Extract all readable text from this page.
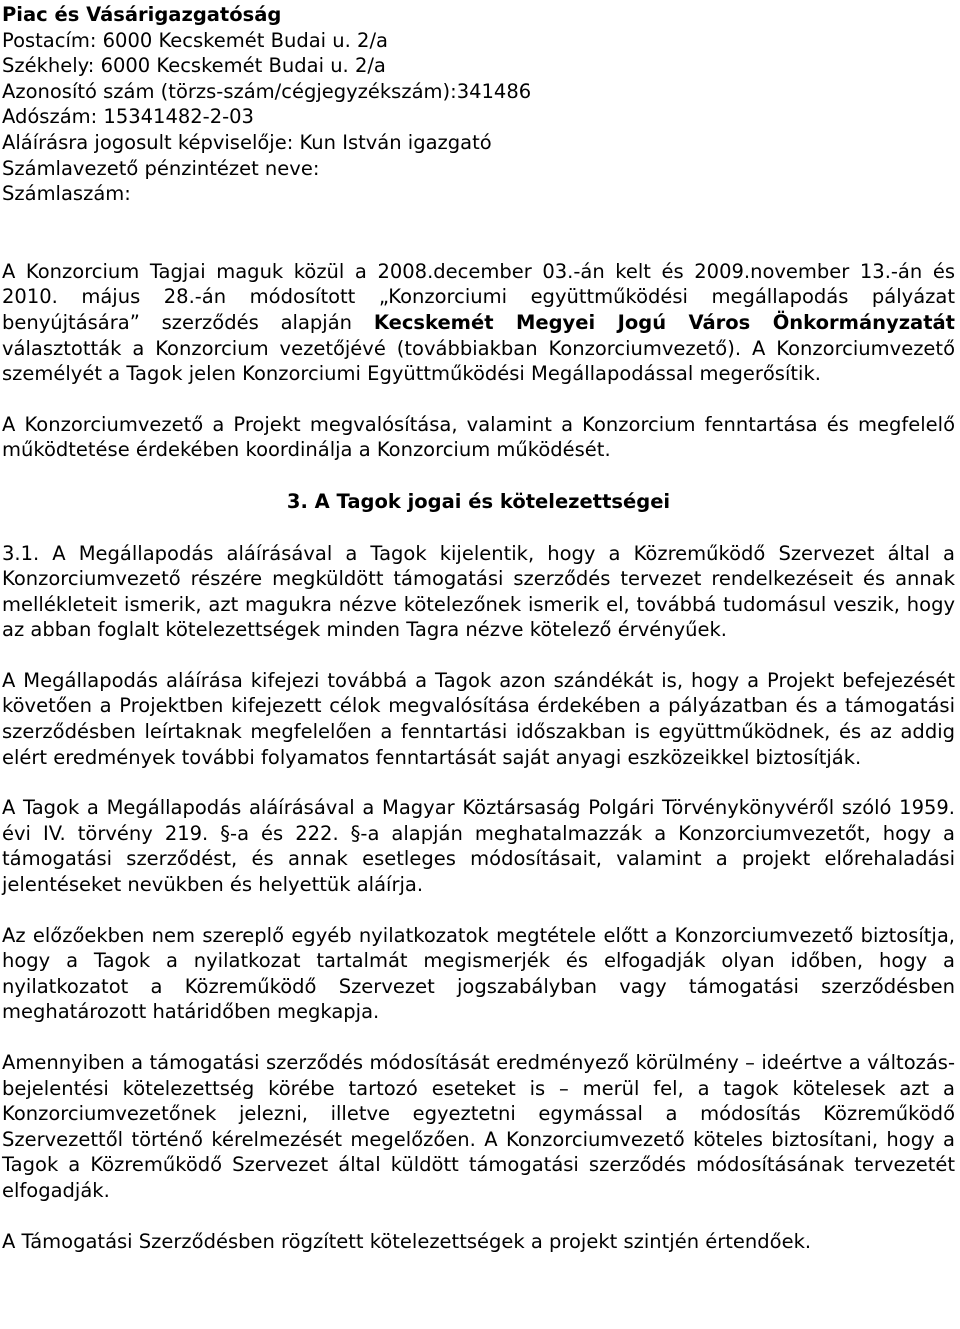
Piac és Vásárigazgatóság
Postacím: 6000 Kecskemét Budai u. 2/a
Székhely: 6000 Kecskemét Budai u. 2/a
Azonosító szám (törzs-szám/cégjegyzékszám):341486
Adószám: 15341482-2-03
Aláírásra jogosult képviselője: Kun István igazgató
Számlavezető pénzintézet neve:
Számlaszám:

A Konzorcium Tagjai maguk közül a 2008.december 03.-án kelt és 2009.november 13.-án és 2010. május 28.-án módosított „Konzorciumi együttműködési megállapodás pályázat benyújtására” szerződés alapján Kecskemét Megyei Jogú Város Önkormányzatát választották a Konzorcium vezetőjévé (továbbiakban Konzorciumvezető). A Konzorciumvezető személyét a Tagok jelen Konzorciumi Együttműködési Megállapodással megerősítik.

A Konzorciumvezető a Projekt megvalósítása, valamint a Konzorcium fenntartása és megfelelő működtetése érdekében koordinálja a Konzorcium működését.

3. A Tagok jogai és kötelezettségei

3.1. A Megállapodás aláírásával a Tagok kijelentik, hogy a Közreműködő Szervezet által a Konzorciumvezető részére megküldött támogatási szerződés tervezet rendelkezéseit és annak mellékleteit ismerik, azt magukra nézve kötelezőnek ismerik el, továbbá tudomásul veszik, hogy az abban foglalt kötelezettségek minden Tagra nézve kötelező érvényűek.

A Megállapodás aláírása kifejezi továbbá a Tagok azon szándékát is, hogy a Projekt befejezését követően a Projektben kifejezett célok megvalósítása érdekében a pályázatban és a támogatási szerződésben leírtaknak megfelelően a fenntartási időszakban is együttműködnek, és az addig elért eredmények további folyamatos fenntartását saját anyagi eszközeikkel biztosítják.

A Tagok a Megállapodás aláírásával a Magyar Köztársaság Polgári Törvénykönyvéről szóló 1959. évi IV. törvény 219. §-a és 222. §-a alapján meghatalmazzák a Konzorciumvezetőt, hogy a támogatási szerződést, és annak esetleges módosításait, valamint a projekt előrehaladási jelentéseket nevükben és helyettük aláírja.

Az előzőekben nem szereplő egyéb nyilatkozatok megtétele előtt a Konzorciumvezető biztosítja, hogy a Tagok a nyilatkozat tartalmát megismerjék és elfogadják olyan időben, hogy a nyilatkozatot a Közreműködő Szervezet jogszabályban vagy támogatási szerződésben meghatározott határidőben megkapja.

Amennyiben a támogatási szerződés módosítását eredményező körülmény – ideértve a változás-bejelentési kötelezettség körébe tartozó eseteket is – merül fel, a tagok kötelesek azt a Konzorciumvezetőnek jelezni, illetve egyeztetni egymással a módosítás Közreműködő Szervezettől történő kérelmezését megelőzően. A Konzorciumvezető köteles biztosítani, hogy a Tagok a Közreműködő Szervezet által küldött támogatási szerződés módosításának tervezetét elfogadják.

A Támogatási Szerződésben rögzített kötelezettségek a projekt szintjén értendőek.
